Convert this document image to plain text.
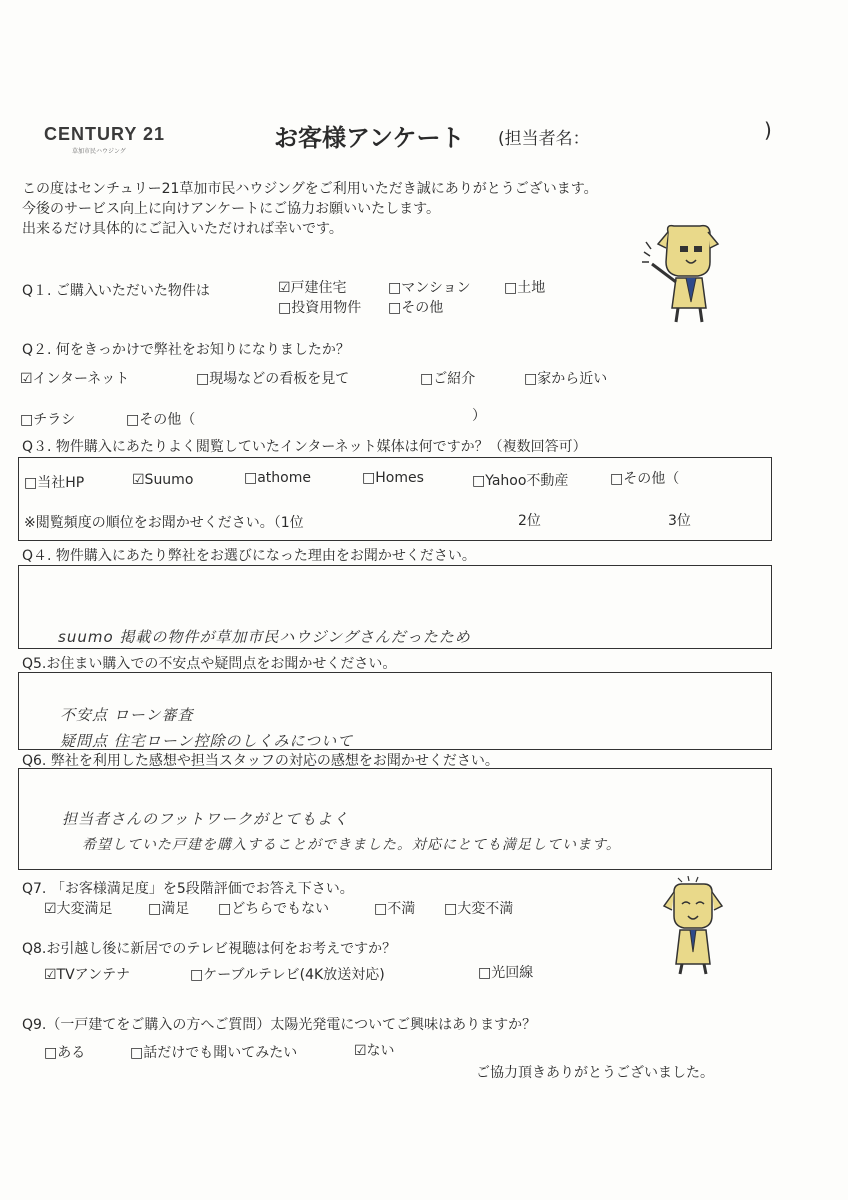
CENTURY 21
草加市民ハウジング	お客様アンケート (担当者名：	)
この度はセンチュリー21草加市民ハウジングをご利用いただき誠にありがとうございます。
今後のサービス向上に向けアンケートにご協力お願いいたします。
出来るだけ具体的にご記入いただければ幸いです。
Q１. ご購入いただいた物件は	☑戸建住宅	□マンション □土地
□投資用物件 □その他
Q２. 何をきっかけで弊社をお知りになりましたか？
☑インターネット	□現場などの看板を見て	□ご紹介	□家から近い
□チラシ	□その他（	）
Q３. 物件購入にあたりよく閲覧していたインターネット媒体は何ですか？（複数回答可）
□当社HP	☑Suumo	□athome	□Homes	□Yahoo不動産	□その他（
※閲覧頻度の順位をお聞かせください。（1位	2位	3位
Q４. 物件購入にあたり弊社をお選びになった理由をお聞かせください。
suumo 掲載の物件が草加市民ハウジングさんだったため
Q5.お住まい購入での不安点や疑問点をお聞かせください。
不安点 ローン審査
疑問点 住宅ローン控除のしくみについて
Q6. 弊社を利用した感想や担当スタッフの対応の感想をお聞かせください。
担当者さんのフットワークがとてもよく
希望していた戸建を購入することができました。対応にとても満足しています。
Q7. 「お客様満足度」を5段階評価でお答え下さい。
☑大変満足	□満足 □どちらでもない	□不満 □大変不満
Q8.お引越し後に新居でのテレビ視聴は何をお考えですか？
☑TVアンテナ	□ケーブルテレビ(4K放送対応)	□光回線
Q9.（一戸建てをご購入の方へご質問）太陽光発電についてご興味はありますか？
□ある	□話だけでも聞いてみたい	☑ない
ご協力頂きありがとうございました。
